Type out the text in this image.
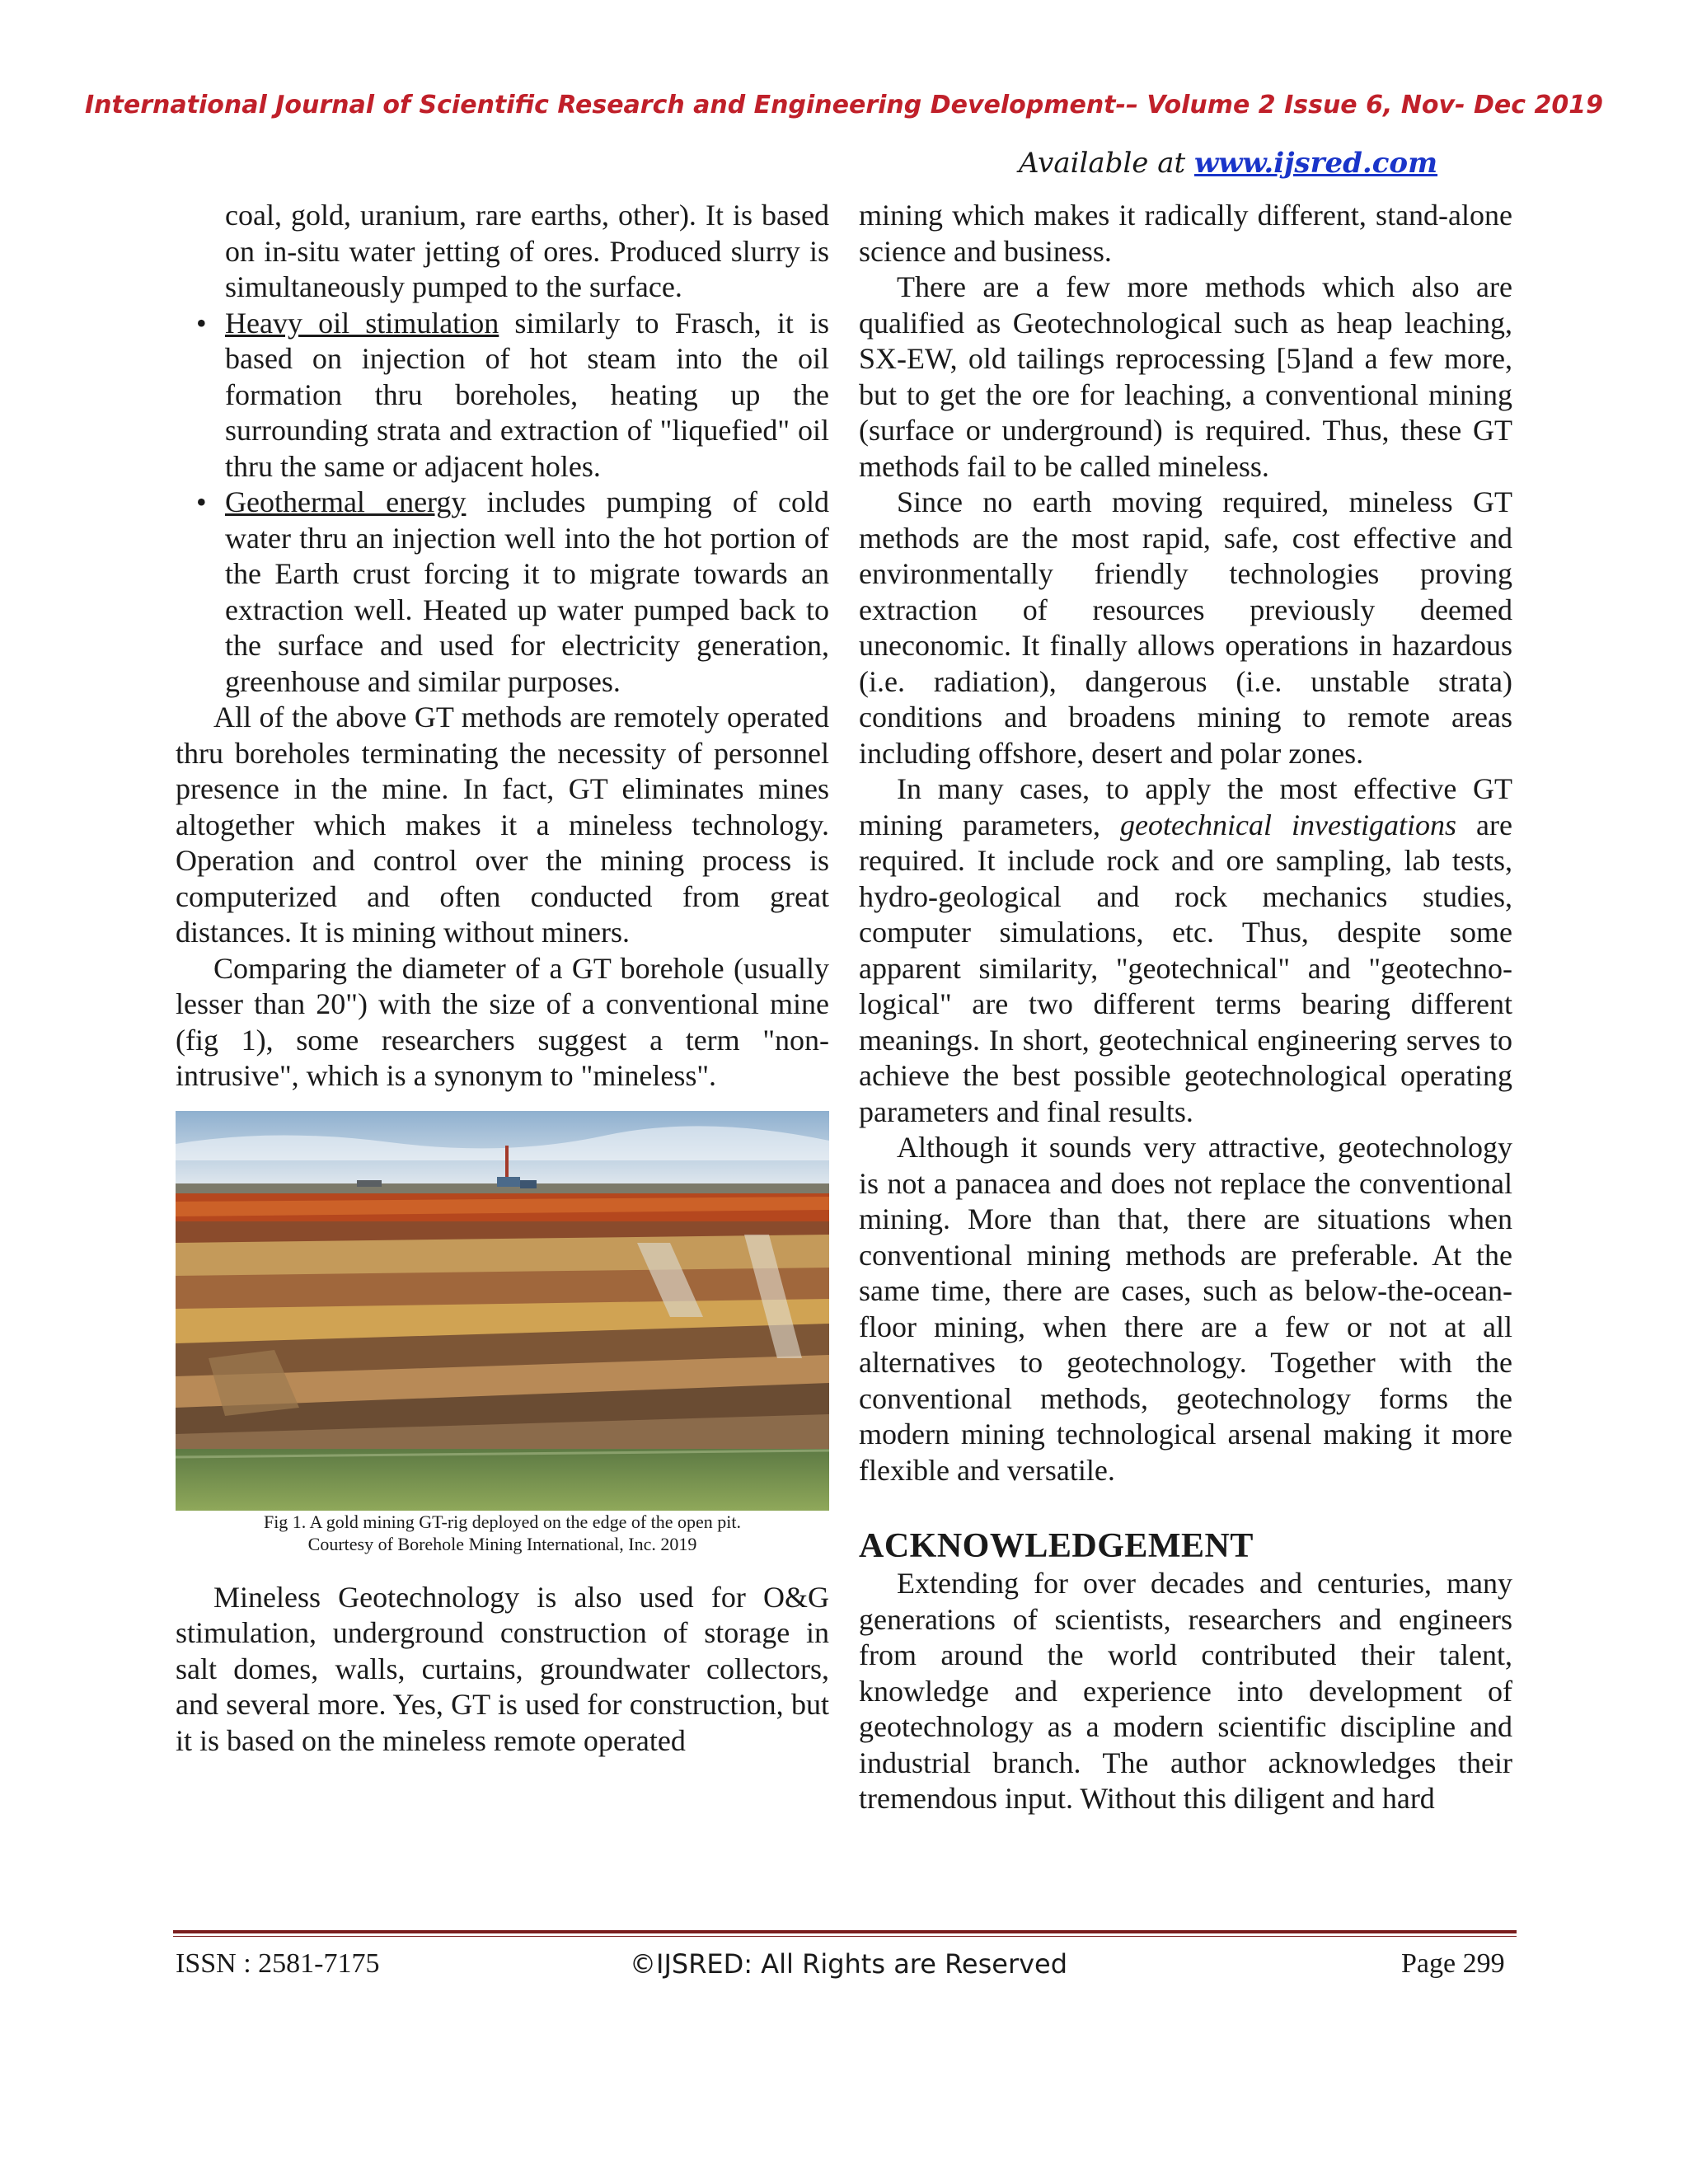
International Journal of Scientific Research and Engineering Development-– Volume 2 Issue 6, Nov- Dec 2019
Available at www.ijsred.com

coal, gold, uranium, rare earths, other). It is based on in-situ water jetting of ores. Produced slurry is simultaneously pumped to the surface.

• Heavy oil stimulation similarly to Frasch, it is based on injection of hot steam into the oil formation thru boreholes, heating up the surrounding strata and extraction of "liquefied" oil thru the same or adjacent holes.
• Geothermal energy includes pumping of cold water thru an injection well into the hot portion of the Earth crust forcing it to migrate towards an extraction well. Heated up water pumped back to the surface and used for electricity generation, greenhouse and similar purposes.

All of the above GT methods are remotely operated thru boreholes terminating the necessity of personnel presence in the mine. In fact, GT eliminates mines altogether which makes it a mineless technology. Operation and control over the mining process is computerized and often conducted from great distances. It is mining without miners.

Comparing the diameter of a GT borehole (usually lesser than 20") with the size of a conventional mine (fig 1), some researchers suggest a term "non-intrusive", which is a synonym to "mineless".

Fig 1. A gold mining GT-rig deployed on the edge of the open pit.
Courtesy of Borehole Mining International, Inc. 2019

Mineless Geotechnology is also used for O&G stimulation, underground construction of storage in salt domes, walls, curtains, groundwater collectors, and several more. Yes, GT is used for construction, but it is based on the mineless remote operated

mining which makes it radically different, stand-alone science and business.

There are a few more methods which also are qualified as Geotechnological such as heap leaching, SX-EW, old tailings reprocessing [5]and a few more, but to get the ore for leaching, a conventional mining (surface or underground) is required. Thus, these GT methods fail to be called mineless.

Since no earth moving required, mineless GT methods are the most rapid, safe, cost effective and environmentally friendly technologies proving extraction of resources previously deemed uneconomic. It finally allows operations in hazardous (i.e. radiation), dangerous (i.e. unstable strata) conditions and broadens mining to remote areas including offshore, desert and polar zones.

In many cases, to apply the most effective GT mining parameters, geotechnical investigations are required. It include rock and ore sampling, lab tests, hydro-geological and rock mechanics studies, computer simulations, etc. Thus, despite some apparent similarity, "geotechnical" and "geotechno-logical" are two different terms bearing different meanings. In short, geotechnical engineering serves to achieve the best possible geotechnological operating parameters and final results.

Although it sounds very attractive, geotechnology is not a panacea and does not replace the conventional mining. More than that, there are situations when conventional mining methods are preferable. At the same time, there are cases, such as below-the-ocean-floor mining, when there are a few or not at all alternatives to geotechnology. Together with the conventional methods, geotechnology forms the modern mining technological arsenal making it more flexible and versatile.

ACKNOWLEDGEMENT

Extending for over decades and centuries, many generations of scientists, researchers and engineers from around the world contributed their talent, knowledge and experience into development of geotechnology as a modern scientific discipline and industrial branch. The author acknowledges their tremendous input. Without this diligent and hard

ISSN : 2581-7175	©IJSRED: All Rights are Reserved	Page 299
